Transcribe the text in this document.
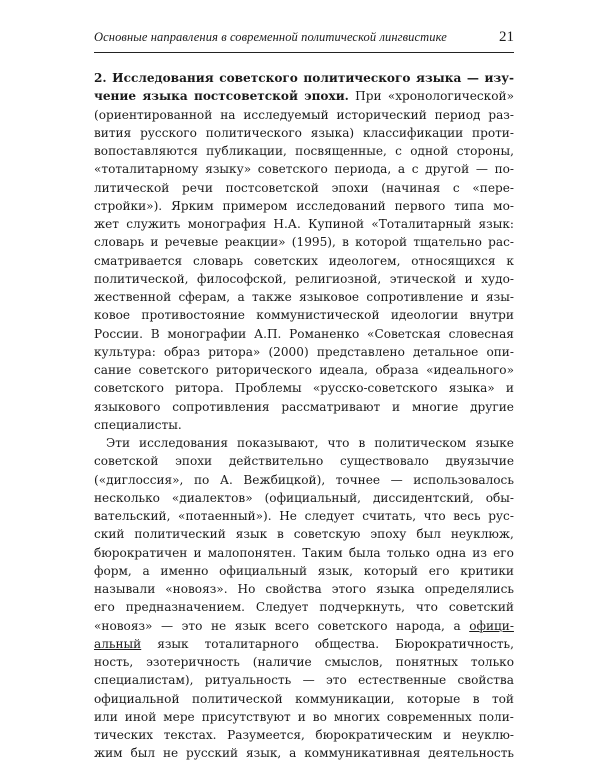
Основные направления в современной политической лингвистике	21
2. Исследования советского политического языка — изу-
чение языка постсоветской эпохи. При «хронологической»
(ориентированной на исследуемый исторический период раз-
вития русского политического языка) классификации проти-
вопоставляются публикации, посвященные, с одной стороны,
«тоталитарному языку» советского периода, а с другой — по-
литической речи постсоветской эпохи (начиная с «пере-
стройки»). Ярким примером исследований первого типа мо-
жет служить монография Н.А. Купиной «Тоталитарный язык:
словарь и речевые реакции» (1995), в которой тщательно рас-
сматривается словарь советских идеологем, относящихся к
политической, философской, религиозной, этической и худо-
жественной сферам, а также языковое сопротивление и язы-
ковое противостояние коммунистической идеологии внутри
России. В монографии А.П. Романенко «Советская словесная
культура: образ ритора» (2000) представлено детальное опи-
сание советского риторического идеала, образа «идеального»
советского ритора. Проблемы «русско-советского языка» и
языкового сопротивления рассматривают и многие другие
специалисты.
Эти исследования показывают, что в политическом языке
советской эпохи действительно существовало двуязычие
(«диглоссия», по А. Вежбицкой), точнее — использовалось
несколько «диалектов» (официальный, диссидентский, обы-
вательский, «потаенный»). Не следует считать, что весь рус-
ский политический язык в советскую эпоху был неуклюж,
бюрократичен и малопонятен. Таким была только одна из его
форм, а именно официальный язык, который его критики
называли «новояз». Но свойства этого языка определялись
его предназначением. Следует подчеркнуть, что советский
«новояз» — это не язык всего советского народа, а офици-
альный язык тоталитарного общества. Бюрократичность,
ность, эзотеричность (наличие смыслов, понятных только
специалистам), ритуальность — это естественные свойства
официальной политической коммуникации, которые в той
или иной мере присутствуют и во многих современных поли-
тических текстах. Разумеется, бюрократическим и неуклю-
жим был не русский язык, а коммуникативная деятельность
